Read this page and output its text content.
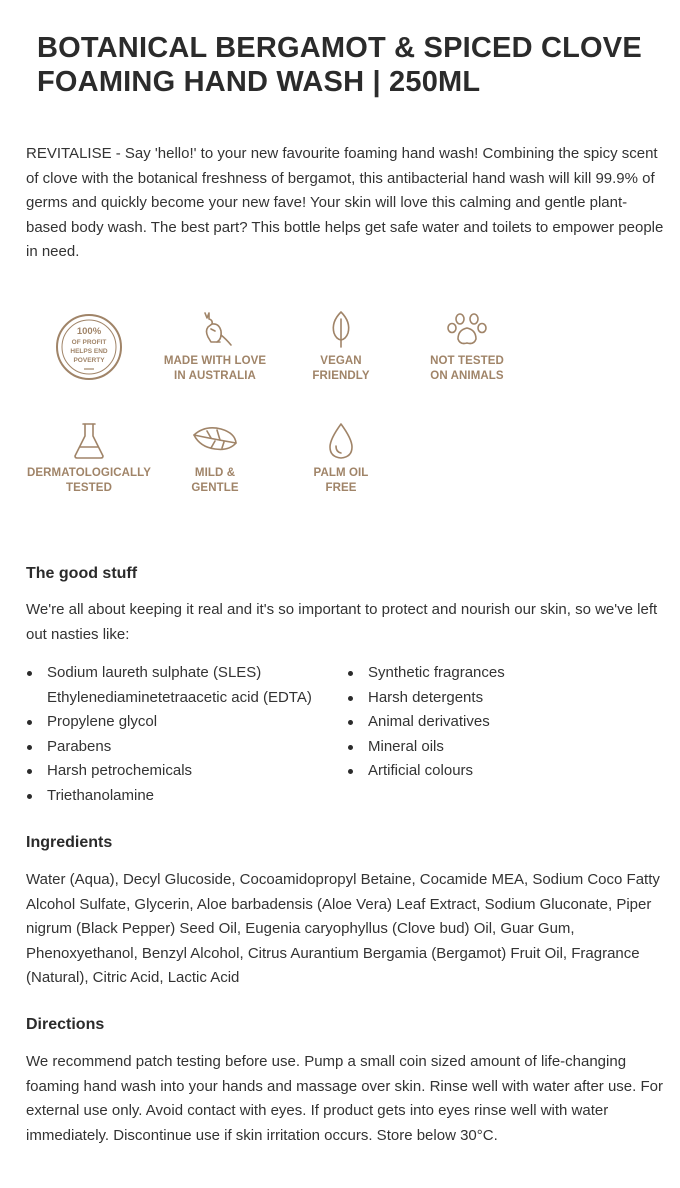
BOTANICAL BERGAMOT & SPICED CLOVE
FOAMING HAND WASH | 250ML

REVITALISE - Say 'hello!' to your new favourite foaming hand wash! Combining the spicy scent of clove with the botanical freshness of bergamot, this antibacterial hand wash will kill 99.9% of germs and quickly become your new fave! Your skin will love this calming and gentle plant-based body wash. The best part? This bottle helps get safe water and toilets to empower people in need.

100%
OF PROFIT
HELPS END
POVERTY	MADE WITH LOVE
IN AUSTRALIA
VEGAN
FRIENDLY
NOT TESTED
ON ANIMALS
DERMATOLOGICALLY
TESTED
MILD &
GENTLE
PALM OIL
FREE
The good stuff

We're all about keeping it real and it's so important to protect and nourish our skin, so we've left out nasties like:

Sodium laureth sulphate (SLES)
Ethylenediaminetetraacetic acid (EDTA)
Propylene glycol
Parabens
Harsh petrochemicals
Triethanolamine
Synthetic fragrances
Harsh detergents
Animal derivatives
Mineral oils
Artificial colours
Ingredients

Water (Aqua), Decyl Glucoside, Cocoamidopropyl Betaine, Cocamide MEA, Sodium Coco Fatty Alcohol Sulfate, Glycerin, Aloe barbadensis (Aloe Vera) Leaf Extract, Sodium Gluconate, Piper nigrum (Black Pepper) Seed Oil, Eugenia caryophyllus (Clove bud) Oil, Guar Gum, Phenoxyethanol, Benzyl Alcohol, Citrus Aurantium Bergamia (Bergamot) Fruit Oil, Fragrance (Natural), Citric Acid, Lactic Acid

Directions

We recommend patch testing before use. Pump a small coin sized amount of life-changing foaming hand wash into your hands and massage over skin. Rinse well with water after use. For external use only. Avoid contact with eyes. If product gets into eyes rinse well with water immediately. Discontinue use if skin irritation occurs. Store below 30°C.
